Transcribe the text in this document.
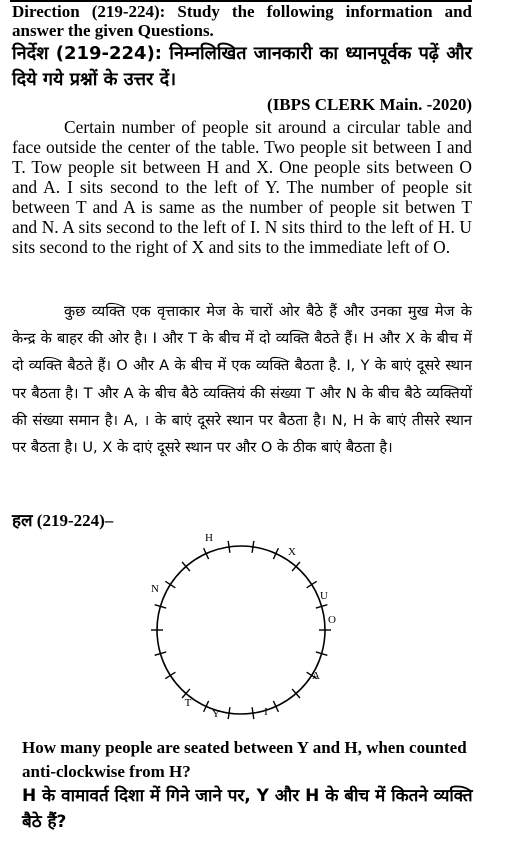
Direction (219-224): Study the following information and answer the given Questions.
निर्देश (219-224): निम्नलिखित जानकारी का ध्यानपूर्वक पढ़ें और दिये गये प्रश्नों के उत्तर दें।
(IBPS CLERK Main. -2020)
Certain number of people sit around a circular table and face outside the center of the table. Two people sit between I and T. Tow people sit between H and X. One people sits between O and A. I sits second to the left of Y. The number of people sit between T and A is same as the number of people sit betwen T and N. A sits second to the left of I. N sits third to the left of H. U sits second to the right of X and sits to the immediate left of O.
कुछ व्यक्ति एक वृत्ताकार मेज के चारों ओर बैठे हैं और उनका मुख मेज के केन्द्र के बाहर की ओर है। I और T के बीच में दो व्यक्ति बैठते हैं। H और X के बीच में दो व्यक्ति बैठते हैं। O और A के बीच में एक व्यक्ति बैठता है. I, Y के बाएं दूसरे स्थान पर बैठता है। T और A के बीच बैठे व्यक्तियं की संख्या T और N के बीच बैठे व्यक्तियों की संख्या समान है। A, । के बाएं दूसरे स्थान पर बैठता है। N, H के बाएं तीसरे स्थान पर बैठता है। U, X के दाएं दूसरे स्थान पर और O के ठीक बाएं बैठता है।
हल (219-224)–
H
X
U
O
A
I
Y
T
N
How many people are seated between Y and H, when counted anti-clockwise from H?
H के वामावर्त दिशा में गिने जाने पर, Y और H के बीच में कितने व्यक्ति बैठे हैं?
